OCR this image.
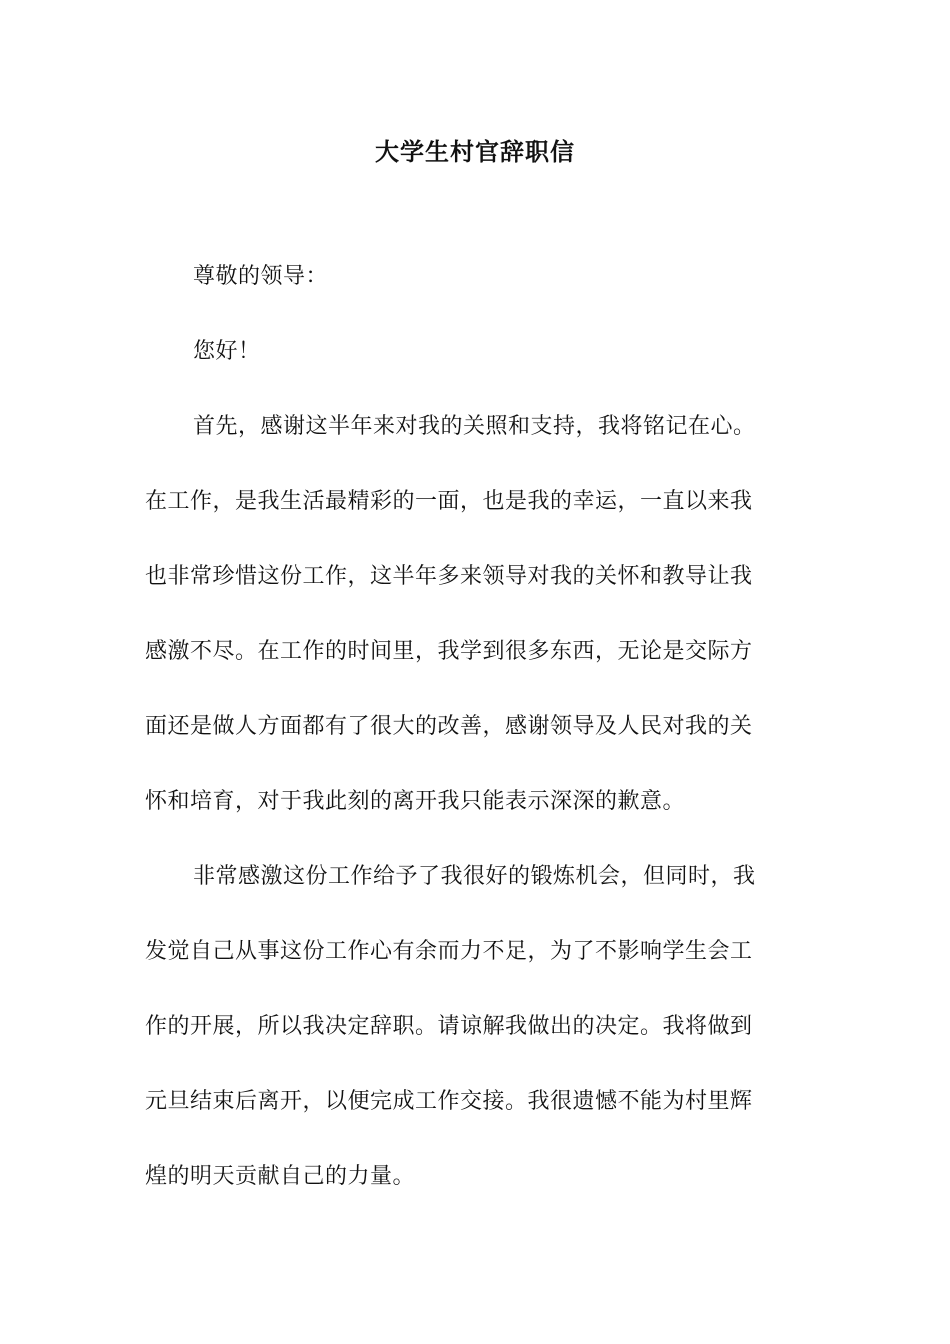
大学生村官辞职信
尊敬的领导：
您好！
首先，感谢这半年来对我的关照和支持，我将铭记在心。
在工作，是我生活最精彩的一面，也是我的幸运，一直以来我
也非常珍惜这份工作，这半年多来领导对我的关怀和教导让我
感激不尽。在工作的时间里，我学到很多东西，无论是交际方
面还是做人方面都有了很大的改善，感谢领导及人民对我的关
怀和培育，对于我此刻的离开我只能表示深深的歉意。
非常感激这份工作给予了我很好的锻炼机会，但同时，我
发觉自己从事这份工作心有余而力不足，为了不影响学生会工
作的开展，所以我决定辞职。请谅解我做出的决定。我将做到
元旦结束后离开，以便完成工作交接。我很遗憾不能为村里辉
煌的明天贡献自己的力量。
